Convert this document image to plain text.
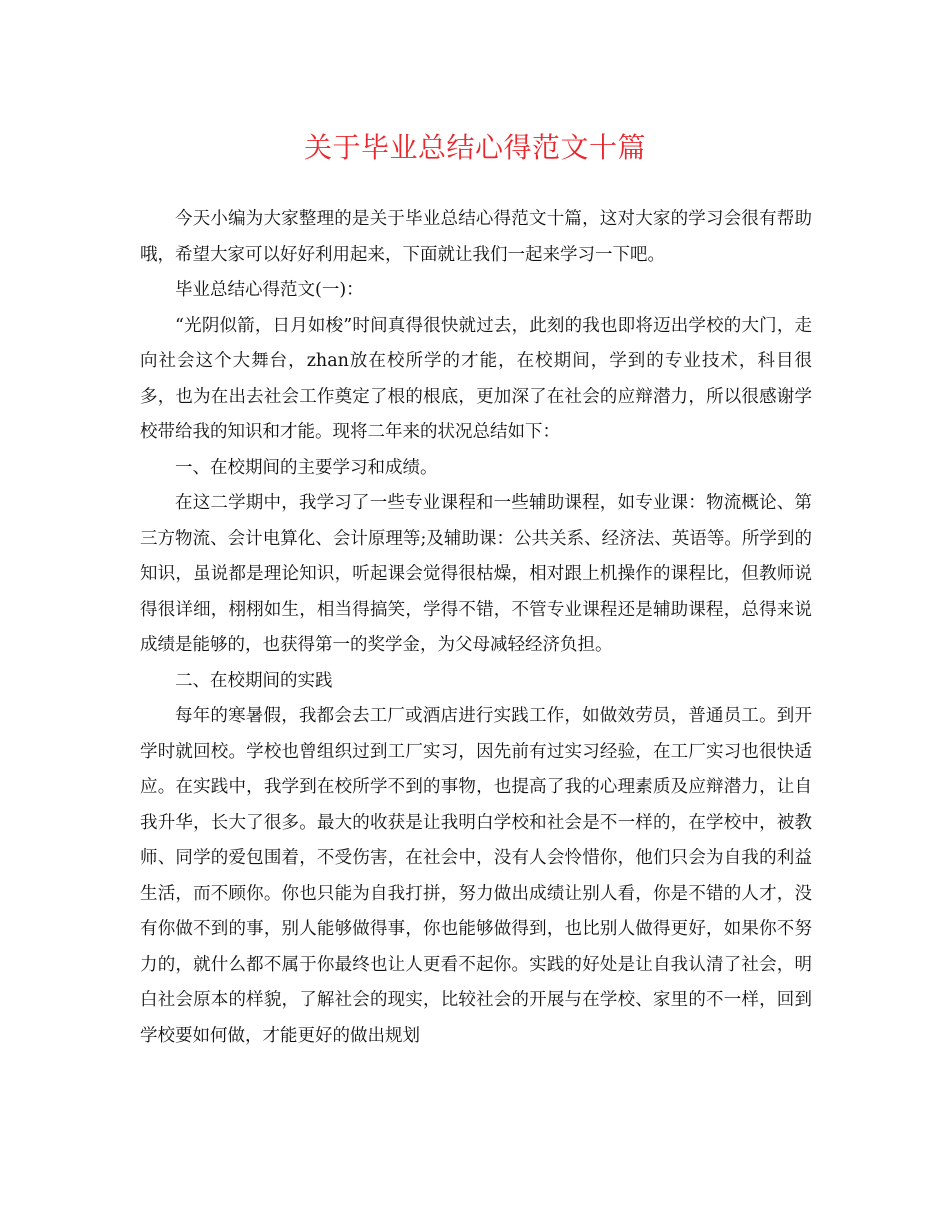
关于毕业总结心得范文十篇

今天小编为大家整理的是关于毕业总结心得范文十篇，这对大家的学习会很有帮助哦，希望大家可以好好利用起来，下面就让我们一起来学习一下吧。

毕业总结心得范文(一)：

“光阴似箭，日月如梭”时间真得很快就过去，此刻的我也即将迈出学校的大门，走向社会这个大舞台，zhan放在校所学的才能，在校期间，学到的专业技术，科目很多，也为在出去社会工作奠定了根的根底，更加深了在社会的应辩潜力，所以很感谢学校带给我的知识和才能。现将二年来的状况总结如下：

一、在校期间的主要学习和成绩。

在这二学期中，我学习了一些专业课程和一些辅助课程，如专业课：物流概论、第三方物流、会计电算化、会计原理等;及辅助课：公共关系、经济法、英语等。所学到的知识，虽说都是理论知识，听起课会觉得很枯燥，相对跟上机操作的课程比，但教师说得很详细，栩栩如生，相当得搞笑，学得不错，不管专业课程还是辅助课程，总得来说成绩是能够的，也获得第一的奖学金，为父母减轻经济负担。

二、在校期间的实践

每年的寒暑假，我都会去工厂或酒店进行实践工作，如做效劳员，普通员工。到开学时就回校。学校也曾组织过到工厂实习，因先前有过实习经验，在工厂实习也很快适应。在实践中，我学到在校所学不到的事物，也提高了我的心理素质及应辩潜力，让自我升华，长大了很多。最大的收获是让我明白学校和社会是不一样的，在学校中，被教师、同学的爱包围着，不受伤害，在社会中，没有人会怜惜你，他们只会为自我的利益生活，而不顾你。你也只能为自我打拼，努力做出成绩让别人看，你是不错的人才，没有你做不到的事，别人能够做得事，你也能够做得到，也比别人做得更好，如果你不努力的，就什么都不属于你最终也让人更看不起你。实践的好处是让自我认清了社会，明白社会原本的样貌，了解社会的现实，比较社会的开展与在学校、家里的不一样，回到学校要如何做，才能更好的做出规划
